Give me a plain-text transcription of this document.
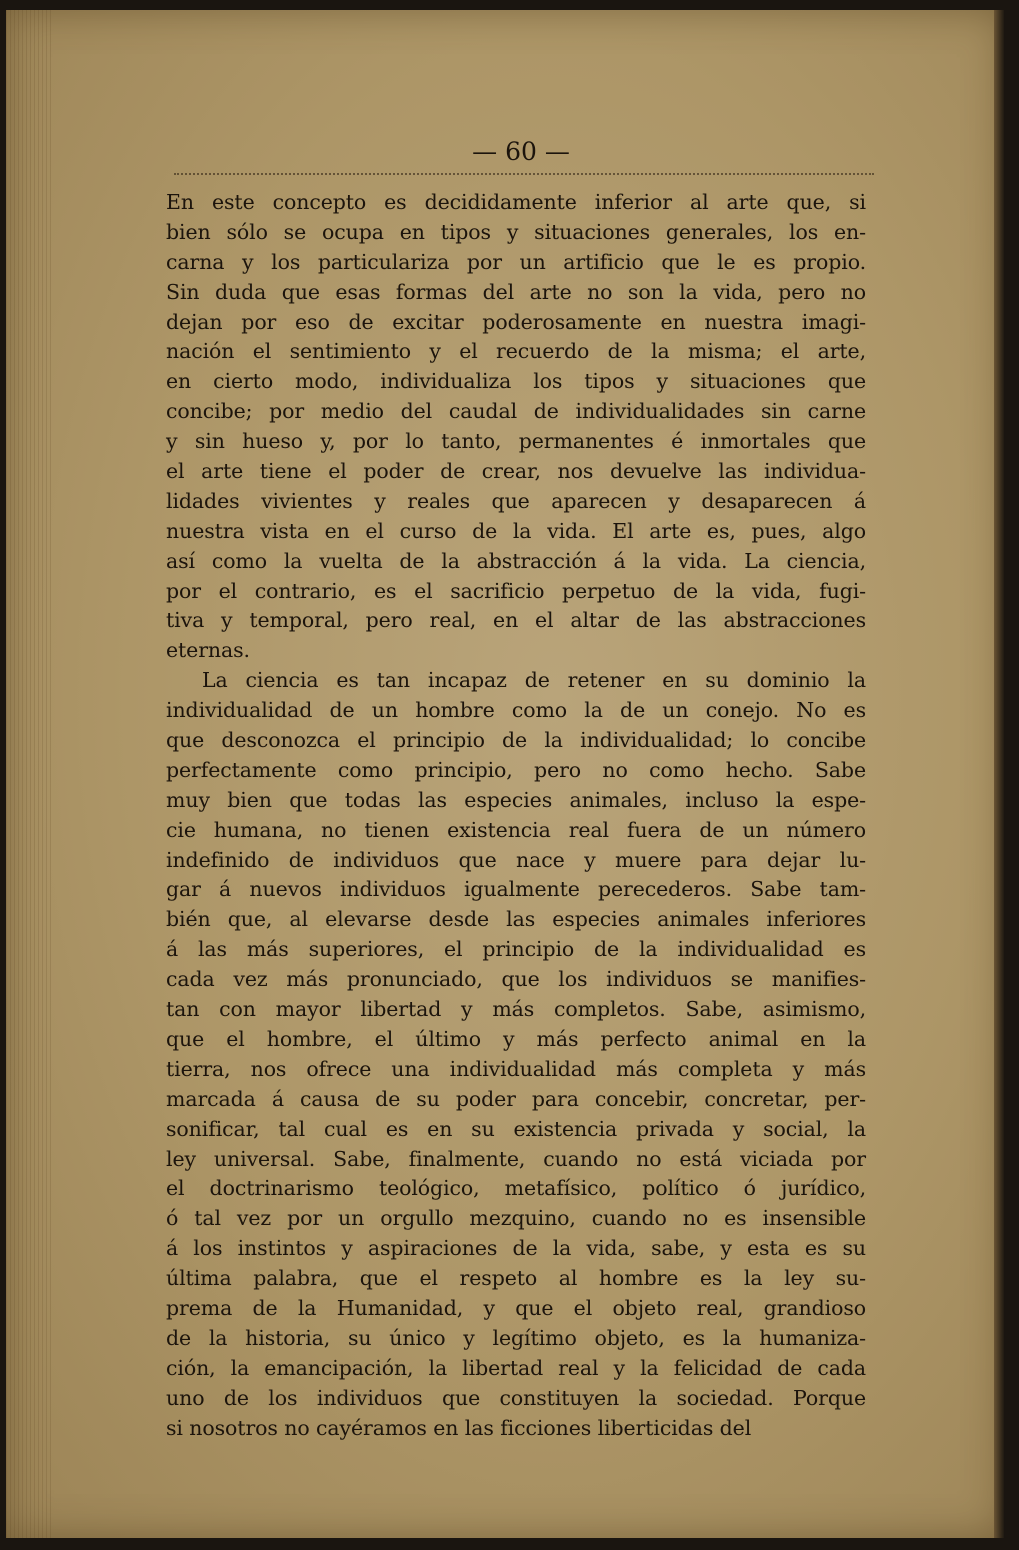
— 60 —
En este concepto es decididamente inferior al arte que, si
bien sólo se ocupa en tipos y situaciones generales, los en-
carna y los particulariza por un artificio que le es propio.
Sin duda que esas formas del arte no son la vida, pero no
dejan por eso de excitar poderosamente en nuestra imagi-
nación el sentimiento y el recuerdo de la misma; el arte,
en cierto modo, individualiza los tipos y situaciones que
concibe; por medio del caudal de individualidades sin carne
y sin hueso y, por lo tanto, permanentes é inmortales que
el arte tiene el poder de crear, nos devuelve las individua-
lidades vivientes y reales que aparecen y desaparecen á
nuestra vista en el curso de la vida. El arte es, pues, algo
así como la vuelta de la abstracción á la vida. La ciencia,
por el contrario, es el sacrificio perpetuo de la vida, fugi-
tiva y temporal, pero real, en el altar de las abstracciones
eternas.
La ciencia es tan incapaz de retener en su dominio la
individualidad de un hombre como la de un conejo. No es
que desconozca el principio de la individualidad; lo concibe
perfectamente como principio, pero no como hecho. Sabe
muy bien que todas las especies animales, incluso la espe-
cie humana, no tienen existencia real fuera de un número
indefinido de individuos que nace y muere para dejar lu-
gar á nuevos individuos igualmente perecederos. Sabe tam-
bién que, al elevarse desde las especies animales inferiores
á las más superiores, el principio de la individualidad es
cada vez más pronunciado, que los individuos se manifies-
tan con mayor libertad y más completos. Sabe, asimismo,
que el hombre, el último y más perfecto animal en la
tierra, nos ofrece una individualidad más completa y más
marcada á causa de su poder para concebir, concretar, per-
sonificar, tal cual es en su existencia privada y social, la
ley universal. Sabe, finalmente, cuando no está viciada por
el doctrinarismo teológico, metafísico, político ó jurídico,
ó tal vez por un orgullo mezquino, cuando no es insensible
á los instintos y aspiraciones de la vida, sabe, y esta es su
última palabra, que el respeto al hombre es la ley su-
prema de la Humanidad, y que el objeto real, grandioso
de la historia, su único y legítimo objeto, es la humaniza-
ción, la emancipación, la libertad real y la felicidad de cada
uno de los individuos que constituyen la sociedad. Porque
si nosotros no cayéramos en las ficciones liberticidas del
